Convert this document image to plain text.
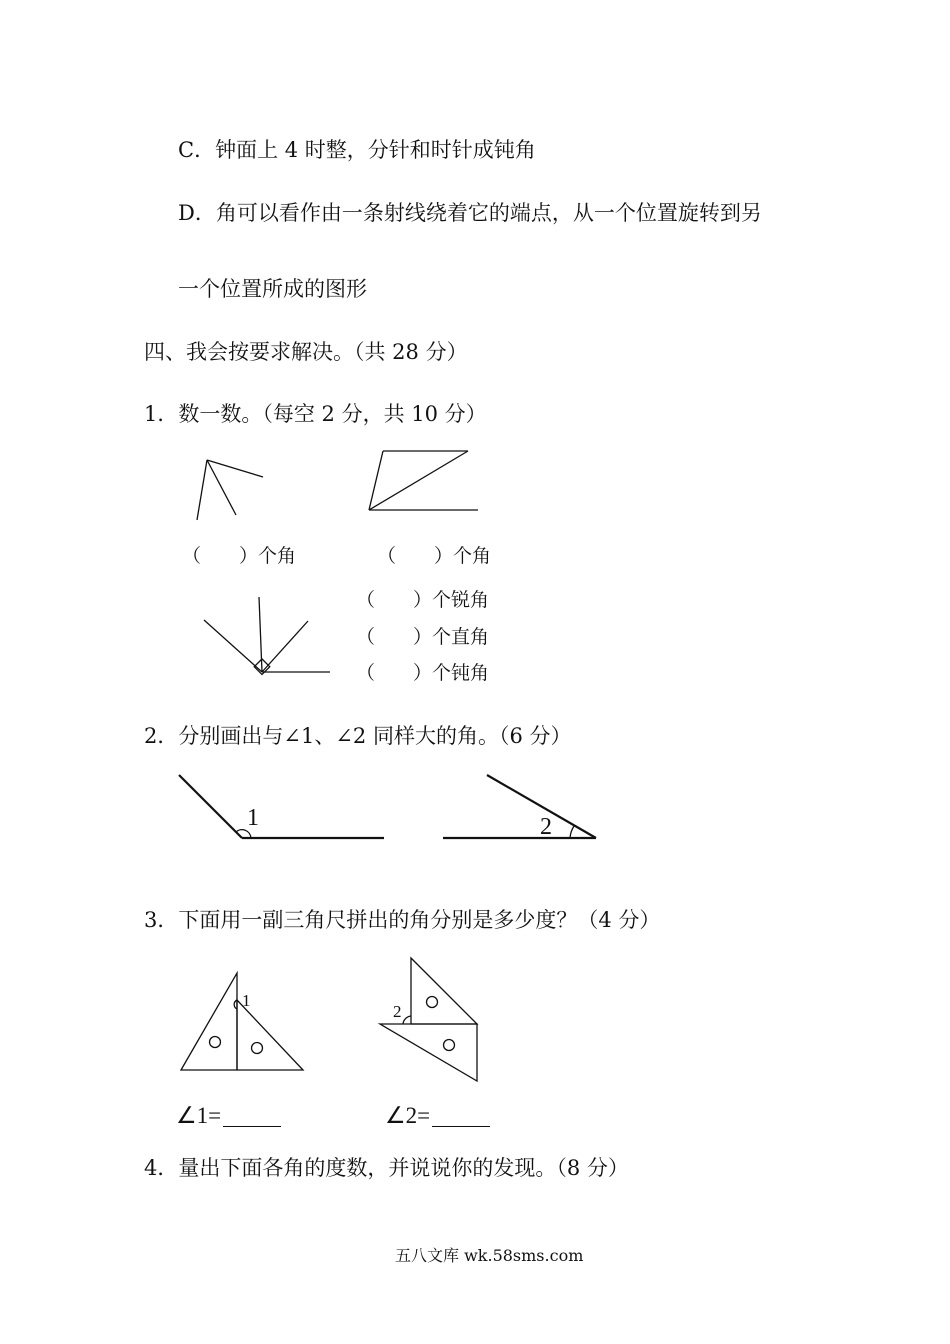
C．钟面上 4 时整，分针和时针成钝角
D．角可以看作由一条射线绕着它的端点，从一个位置旋转到另
一个位置所成的图形
四、我会按要求解决。（共 28 分）
1．数一数。（每空 2 分，共 10 分）
（　　）个角	（　　）个角
（　　）个锐角
（　　）个直角
（　　）个钝角
2．分别画出与∠1、∠2 同样大的角。（6 分）
1	2
3．下面用一副三角尺拼出的角分别是多少度？（4 分）
1
2
∠1=	∠2=
4．量出下面各角的度数，并说说你的发现。（8 分）
五八文库 wk.58sms.com
